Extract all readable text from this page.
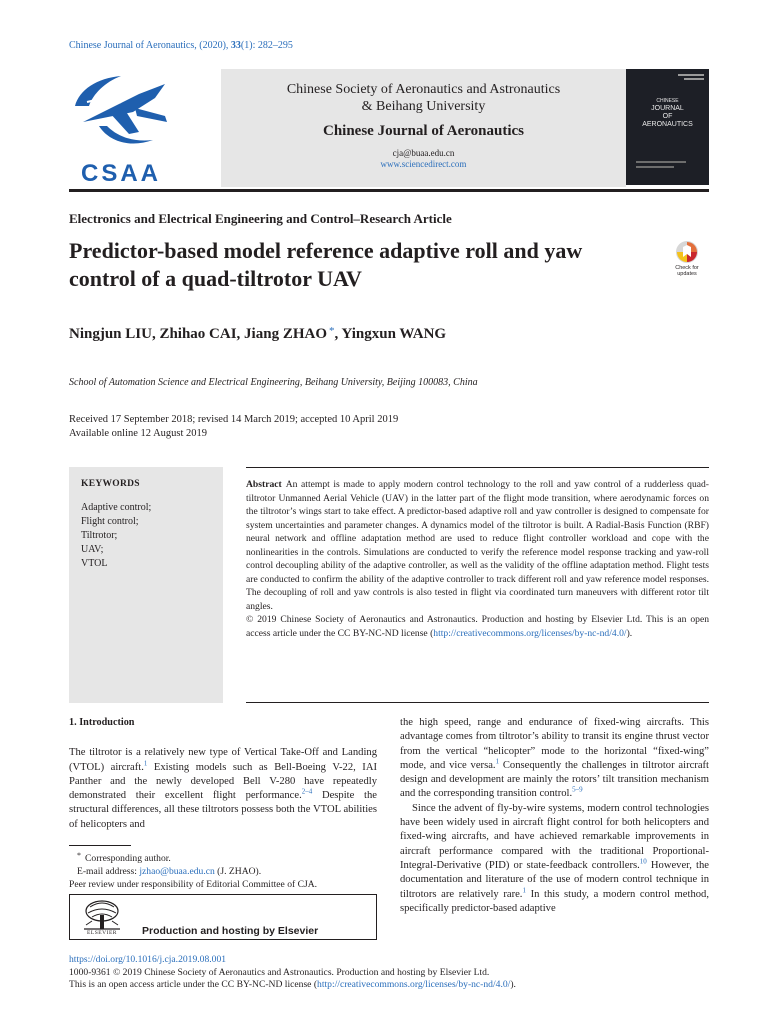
Chinese Journal of Aeronautics, (2020), 33(1): 282–295
CSAA
Chinese Society of Aeronautics and Astronautics
& Beihang University
Chinese Journal of Aeronautics
cja@buaa.edu.cn
www.sciencedirect.com
CHINESE
JOURNAL
OF
AERONAUTICS
Electronics and Electrical Engineering and Control–Research Article
Predictor-based model reference adaptive roll and yaw control of a quad-tiltrotor UAV	Check for updates
Ningjun LIU, Zhihao CAI, Jiang ZHAO *, Yingxun WANG
School of Automation Science and Electrical Engineering, Beihang University, Beijing 100083, China
Received 17 September 2018; revised 14 March 2019; accepted 10 April 2019
Available online 12 August 2019
KEYWORDS
Adaptive control;
Flight control;
Tiltrotor;
UAV;
VTOL

Abstract An attempt is made to apply modern control technology to the roll and yaw control of a rudderless quad-tiltrotor Unmanned Aerial Vehicle (UAV) in the latter part of the flight mode transition, where aerodynamic forces on the tiltrotor’s wings start to take effect. A predictor-based adaptive roll and yaw controller is designed to compensate for system uncertainties and parameter changes. A dynamics model of the tiltrotor is built. A Radial-Basis Function (RBF) neural network and offline adaptation method are used to reduce flight controller workload and cope with the nonlinearities in the controls. Simulations are conducted to verify the reference model response tracking and yaw-roll control decoupling ability of the adaptive controller, as well as the validity of the offline adaptation method. Flight tests are conducted to confirm the ability of the adaptive controller to track different roll and yaw reference model responses. The decoupling of roll and yaw controls is also tested in flight via coordinated turn maneuvers with different rotor tilt angles.

© 2019 Chinese Society of Aeronautics and Astronautics. Production and hosting by Elsevier Ltd. This is an open access article under the CC BY-NC-ND license (http://creativecommons.org/licenses/by-nc-nd/4.0/).

1. Introduction

The tiltrotor is a relatively new type of Vertical Take-Off and Landing (VTOL) aircraft.$^1$ Existing models such as Bell-Boeing V-22, IAI Panther and the newly developed Bell V-280 have repeatedly demonstrated their excellent flight performance.$^{2-4}$ Despite the structural differences, all these tiltrotors possess both the VTOL abilities of helicopters and

* Corresponding author.
E-mail address: jzhao@buaa.edu.cn (J. ZHAO).
Peer review under responsibility of Editorial Committee of CJA.
ELSEVIER	Production and hosting by Elsevier

the high speed, range and endurance of fixed-wing aircrafts. This advantage comes from tiltrotor’s ability to transit its engine thrust vector from the vertical “helicopter” mode to the horizontal “fixed-wing” mode, and vice versa.$^1$ Consequently the challenges in tiltrotor aircraft design and development are mainly the rotors’ tilt transition mechanism and the corresponding transition control.$^{5-9}$

Since the advent of fly-by-wire systems, modern control technologies have been widely used in aircraft flight control for both helicopters and fixed-wing aircrafts, and have achieved remarkable improvements in aircraft performance compared with the traditional Proportional-Integral-Derivative (PID) or state-feedback controllers.$^{10}$ However, the documentation and literature of the use of modern control technique in tiltrotors are relatively rare.$^1$ In this study, a modern control method, specifically predictor-based adaptive

https://doi.org/10.1016/j.cja.2019.08.001
1000-9361 © 2019 Chinese Society of Aeronautics and Astronautics. Production and hosting by Elsevier Ltd.
This is an open access article under the CC BY-NC-ND license (http://creativecommons.org/licenses/by-nc-nd/4.0/).
